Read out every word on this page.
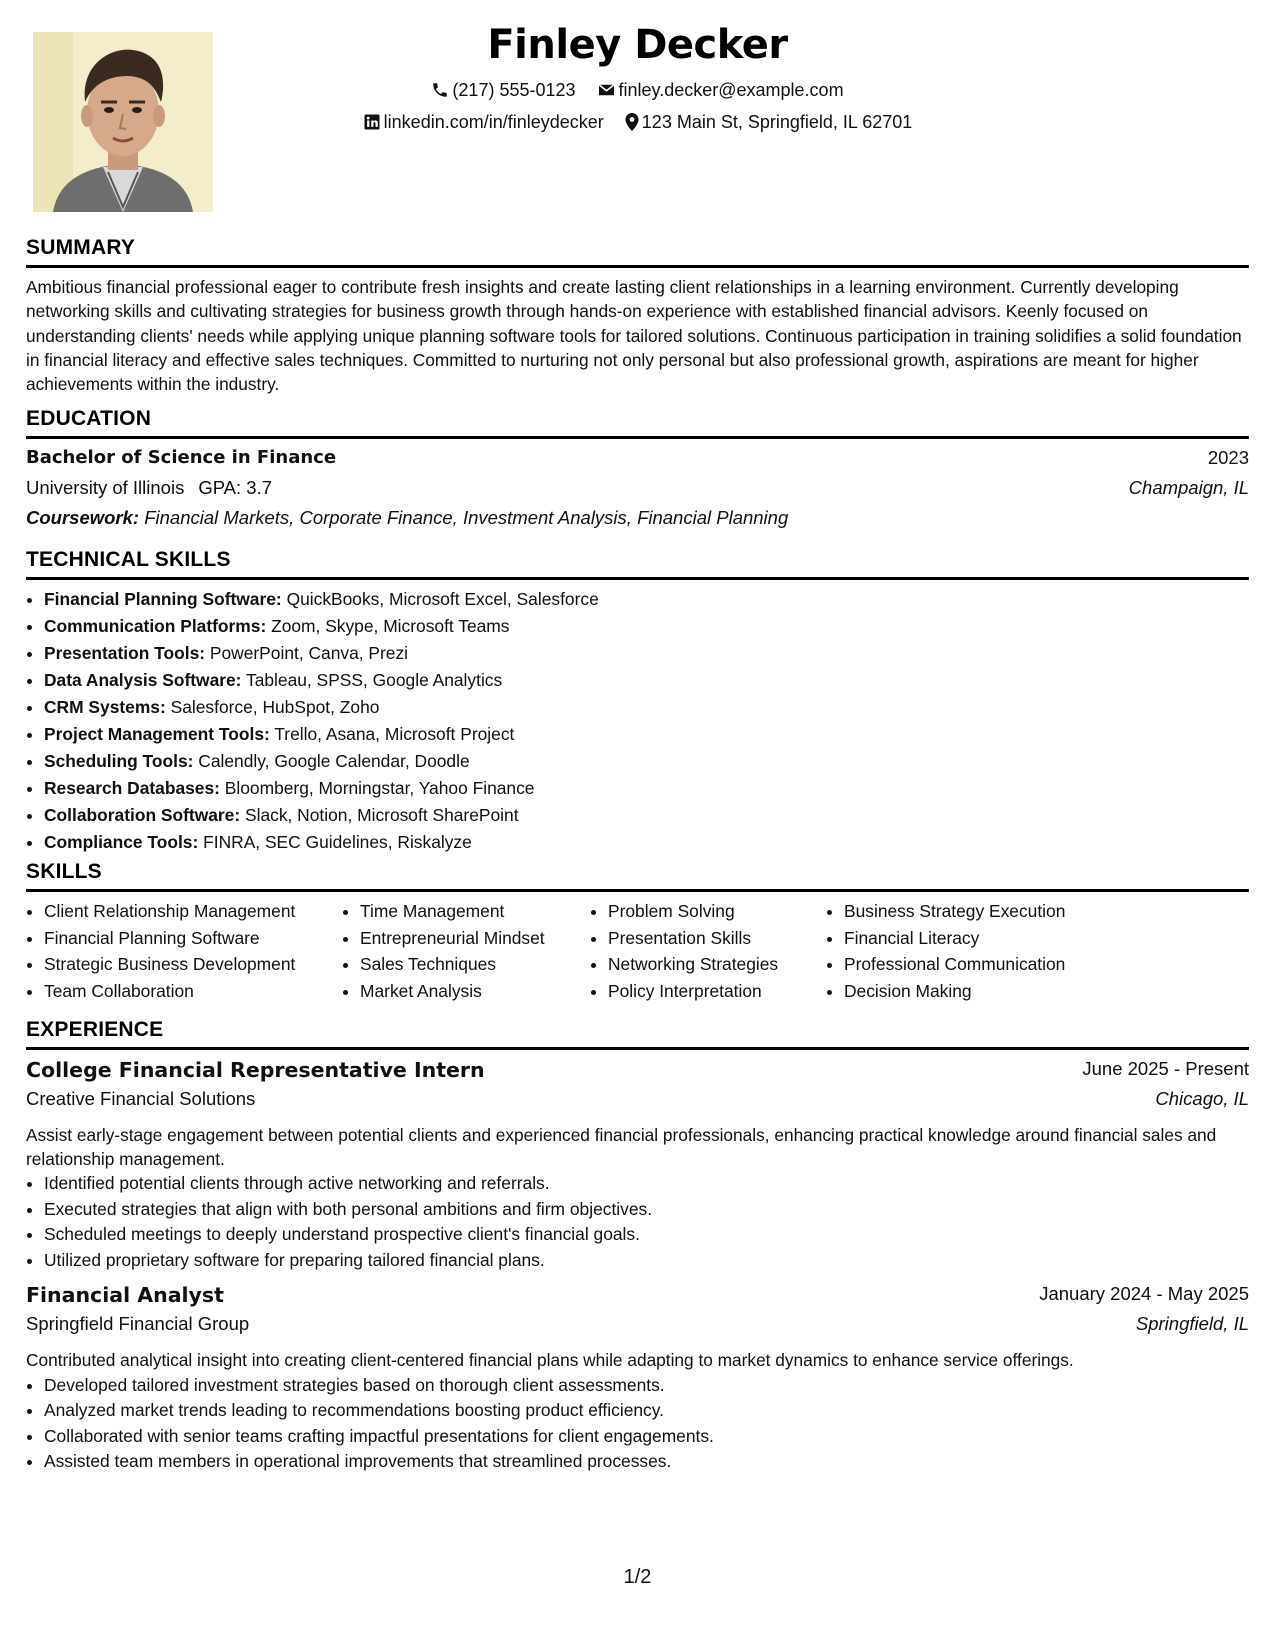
Finley Decker
(217) 555-0123 finley.decker@example.com
linkedin.com/in/finleydecker 123 Main St, Springfield, IL 62701
SUMMARY

Ambitious financial professional eager to contribute fresh insights and create lasting client relationships in a learning environment. Currently developing networking skills and cultivating strategies for business growth through hands-on experience with established financial advisors. Keenly focused on understanding clients' needs while applying unique planning software tools for tailored solutions. Continuous participation in training solidifies a solid foundation in financial literacy and effective sales techniques. Committed to nurturing not only personal but also professional growth, aspirations are meant for higher achievements within the industry.

EDUCATION
Bachelor of Science in Finance	2023
University of Illinois GPA: 3.7	Champaign, IL
Coursework: Financial Markets, Corporate Finance, Investment Analysis, Financial Planning
TECHNICAL SKILLS
• Financial Planning Software: QuickBooks, Microsoft Excel, Salesforce
• Communication Platforms: Zoom, Skype, Microsoft Teams
• Presentation Tools: PowerPoint, Canva, Prezi
• Data Analysis Software: Tableau, SPSS, Google Analytics
• CRM Systems: Salesforce, HubSpot, Zoho
• Project Management Tools: Trello, Asana, Microsoft Project
• Scheduling Tools: Calendly, Google Calendar, Doodle
• Research Databases: Bloomberg, Morningstar, Yahoo Finance
• Collaboration Software: Slack, Notion, Microsoft SharePoint
• Compliance Tools: FINRA, SEC Guidelines, Riskalyze
SKILLS
• Client Relationship Management
• Financial Planning Software
• Strategic Business Development
• Team Collaboration
• Time Management
• Entrepreneurial Mindset
• Sales Techniques
• Market Analysis
• Problem Solving
• Presentation Skills
• Networking Strategies
• Policy Interpretation
• Business Strategy Execution
• Financial Literacy
• Professional Communication
• Decision Making
EXPERIENCE
College Financial Representative Intern	June 2025 - Present
Creative Financial Solutions	Chicago, IL

Assist early-stage engagement between potential clients and experienced financial professionals, enhancing practical knowledge around financial sales and relationship management.

• Identified potential clients through active networking and referrals.
• Executed strategies that align with both personal ambitions and firm objectives.
• Scheduled meetings to deeply understand prospective client's financial goals.
• Utilized proprietary software for preparing tailored financial plans.
Financial Analyst	January 2024 - May 2025
Springfield Financial Group	Springfield, IL

Contributed analytical insight into creating client-centered financial plans while adapting to market dynamics to enhance service offerings.

• Developed tailored investment strategies based on thorough client assessments.
• Analyzed market trends leading to recommendations boosting product efficiency.
• Collaborated with senior teams crafting impactful presentations for client engagements.
• Assisted team members in operational improvements that streamlined processes.
1/2
